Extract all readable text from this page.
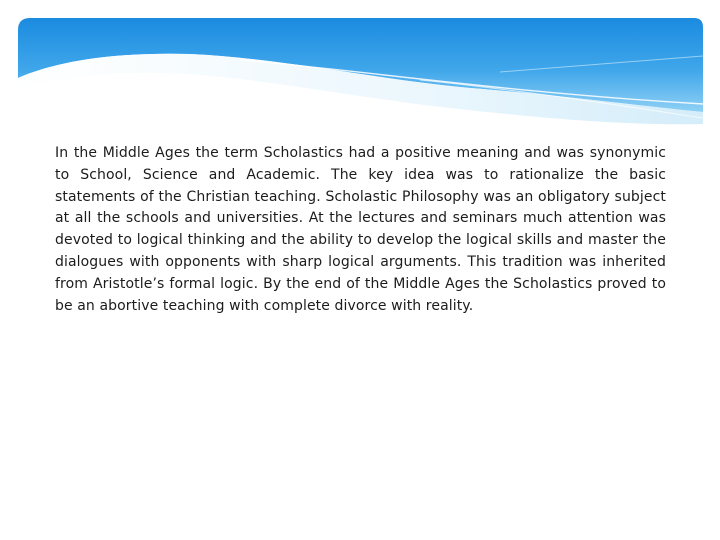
In the Middle Ages the term Scholastics had a positive meaning and was synonymic to School, Science and Academic. The key idea was to rationalize the basic statements of the Christian teaching. Scholastic Philosophy was an obligatory subject at all the schools and universities. At the lectures and seminars much attention was devoted to logical thinking and the ability to develop the logical skills and master the dialogues with opponents with sharp logical arguments. This tradition was inherited from Aristotle’s formal logic. By the end of the Middle Ages the Scholastics proved to be an abortive teaching with complete divorce with reality.
